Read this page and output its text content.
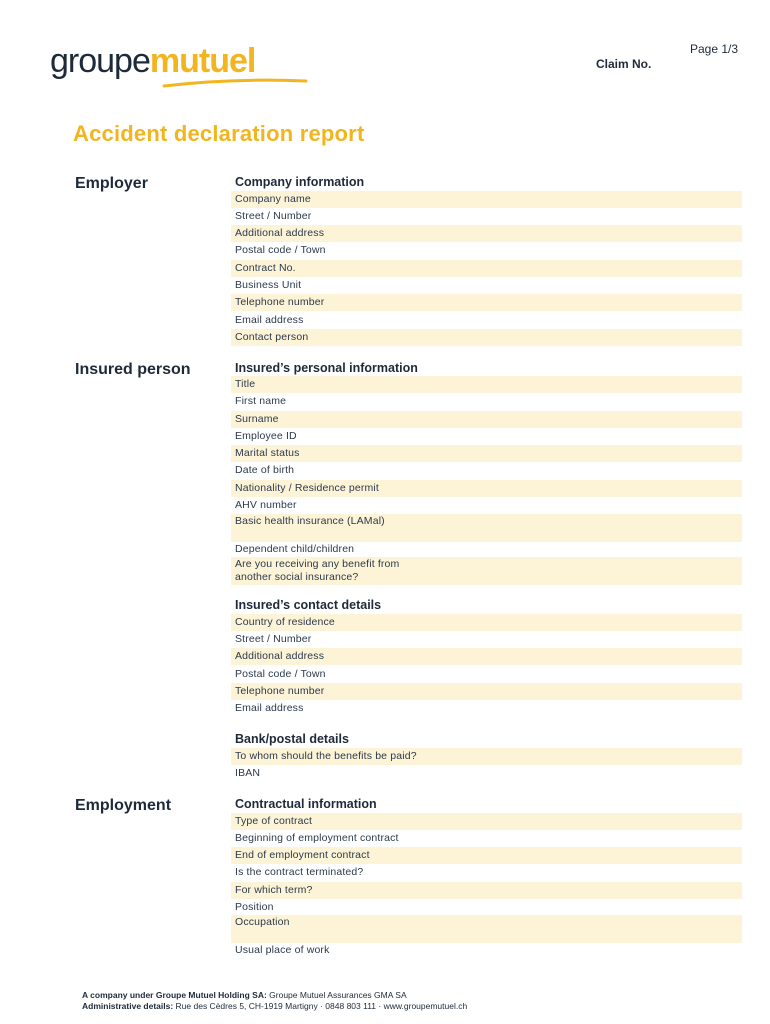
groupemutuel	Page 1/3
Claim No.
Accident declaration report
Employer
Insured person
Employment
Company information
Company name
Street / Number
Additional address
Postal code / Town
Contract No.
Business Unit
Telephone number
Email address
Contact person
Insured’s personal information
Title
First name
Surname
Employee ID
Marital status
Date of birth
Nationality / Residence permit
AHV number
Basic health insurance (LAMal)
Dependent child/children
Are you receiving any benefit from
another social insurance?
Insured’s contact details
Country of residence
Street / Number
Additional address
Postal code / Town
Telephone number
Email address
Bank/postal details
To whom should the benefits be paid?
IBAN
Contractual information
Type of contract
Beginning of employment contract
End of employment contract
Is the contract terminated?
For which term?
Position
Occupation
Usual place of work
A company under Groupe Mutuel Holding SA: Groupe Mutuel Assurances GMA SA
Administrative details: Rue des Cèdres 5, CH-1919 Martigny · 0848 803 111 · www.groupemutuel.ch
